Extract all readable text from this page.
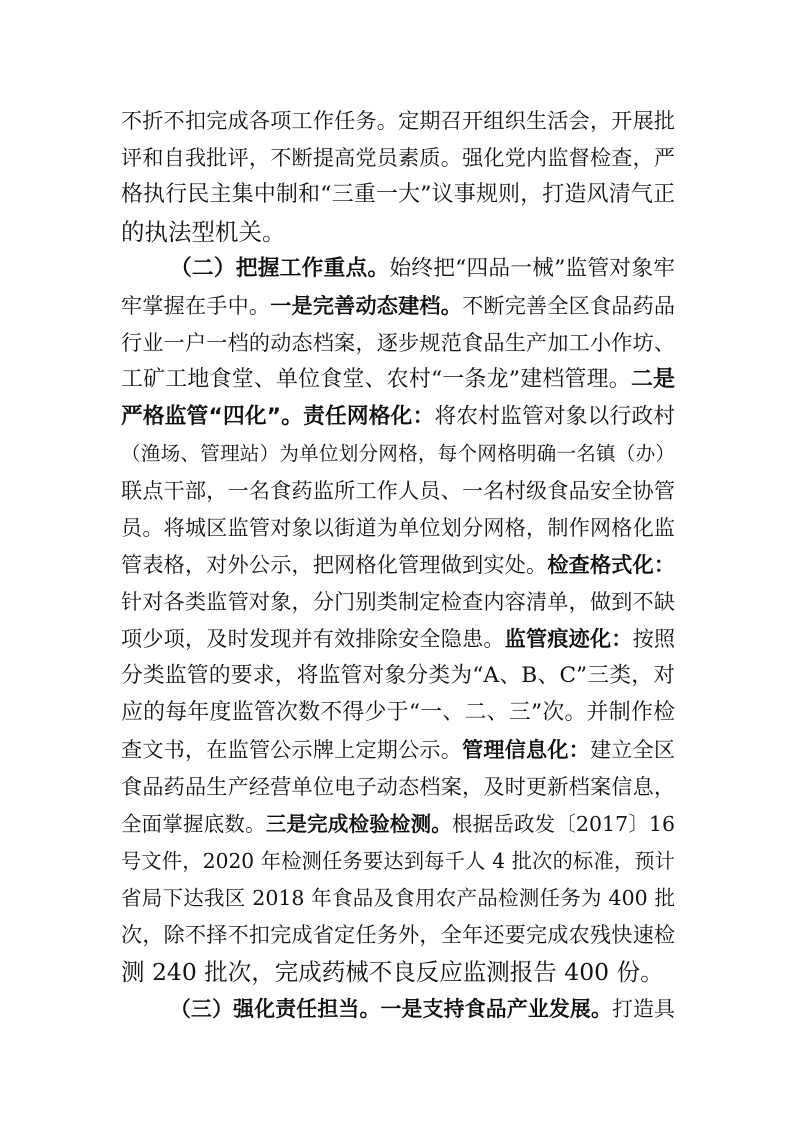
不折不扣完成各项工作任务。定期召开组织生活会，开展批
评和自我批评，不断提高党员素质。强化党内监督检查，严
格执行民主集中制和“三重一大”议事规则，打造风清气正
的执法型机关。
（二）把握工作重点。始终把“四品一械”监管对象牢
牢掌握在手中。一是完善动态建档。不断完善全区食品药品
行业一户一档的动态档案，逐步规范食品生产加工小作坊、
工矿工地食堂、单位食堂、农村“一条龙”建档管理。二是
严格监管“四化”。责任网格化：将农村监管对象以行政村
（渔场、管理站）为单位划分网格，每个网格明确一名镇（办）
联点干部，一名食药监所工作人员、一名村级食品安全协管
员。将城区监管对象以街道为单位划分网格，制作网格化监
管表格，对外公示，把网格化管理做到实处。检查格式化：
针对各类监管对象，分门别类制定检查内容清单，做到不缺
项少项，及时发现并有效排除安全隐患。监管痕迹化：按照
分类监管的要求，将监管对象分类为“A、B、C”三类，对
应的每年度监管次数不得少于“一、二、三”次。并制作检
查文书，在监管公示牌上定期公示。管理信息化：建立全区
食品药品生产经营单位电子动态档案，及时更新档案信息，
全面掌握底数。三是完成检验检测。根据岳政发〔2017〕16
号文件，2020 年检测任务要达到每千人 4 批次的标准，预计
省局下达我区 2018 年食品及食用农产品检测任务为 400 批
次，除不择不扣完成省定任务外，全年还要完成农残快速检
测 240 批次，完成药械不良反应监测报告 400 份。
（三）强化责任担当。一是支持食品产业发展。打造具
